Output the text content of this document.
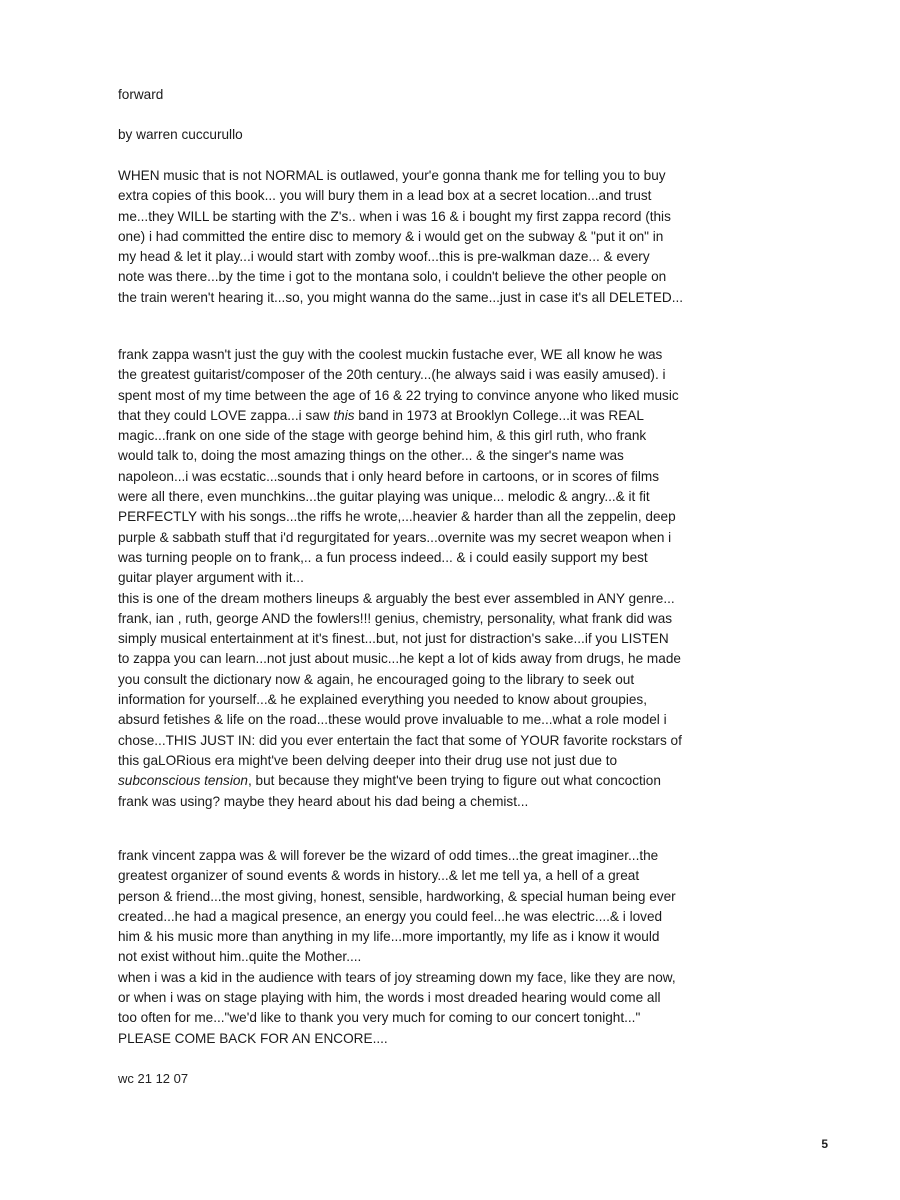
forward
by warren cuccurullo
WHEN music that is not NORMAL is outlawed, your'e gonna thank me for telling you to buy
extra copies of this book... you will bury them in a lead box at a secret location...and trust
me...they WILL be starting with the Z's.. when i was 16 & i bought my first zappa record (this
one) i had committed the entire disc to memory & i would get on the subway & "put it on" in
my head & let it play...i would start with zomby woof...this is pre-walkman daze... & every
note was there...by the time i got to the montana solo, i couldn't believe the other people on
the train weren't hearing it...so, you might wanna do the same...just in case it's all DELETED...
frank zappa wasn't just the guy with the coolest muckin fustache ever, WE all know he was
the greatest guitarist/composer of the 20th century...(he always said i was easily amused). i
spent most of my time between the age of 16 & 22 trying to convince anyone who liked music
that they could LOVE zappa...i saw this band in 1973 at Brooklyn College...it was REAL
magic...frank on one side of the stage with george behind him, & this girl ruth, who frank
would talk to, doing the most amazing things on the other... & the singer's name was
napoleon...i was ecstatic...sounds that i only heard before in cartoons, or in scores of films
were all there, even munchkins...the guitar playing was unique... melodic & angry...& it fit
PERFECTLY with his songs...the riffs he wrote,...heavier & harder than all the zeppelin, deep
purple & sabbath stuff that i'd regurgitated for years...overnite was my secret weapon when i
was turning people on to frank,.. a fun process indeed... & i could easily support my best
guitar player argument with it...
this is one of the dream mothers lineups & arguably the best ever assembled in ANY genre...
frank, ian , ruth, george AND the fowlers!!! genius, chemistry, personality, what frank did was
simply musical entertainment at it's finest...but, not just for distraction's sake...if you LISTEN
to zappa you can learn...not just about music...he kept a lot of kids away from drugs, he made
you consult the dictionary now & again, he encouraged going to the library to seek out
information for yourself...& he explained everything you needed to know about groupies,
absurd fetishes & life on the road...these would prove invaluable to me...what a role model i
chose...THIS JUST IN: did you ever entertain the fact that some of YOUR favorite rockstars of
this gaLORious era might've been delving deeper into their drug use not just due to
subconscious tension, but because they might've been trying to figure out what concoction
frank was using? maybe they heard about his dad being a chemist...
frank vincent zappa was & will forever be the wizard of odd times...the great imaginer...the
greatest organizer of sound events & words in history...& let me tell ya, a hell of a great
person & friend...the most giving, honest, sensible, hardworking, & special human being ever
created...he had a magical presence, an energy you could feel...he was electric....& i loved
him & his music more than anything in my life...more importantly, my life as i know it would
not exist without him..quite the Mother....
when i was a kid in the audience with tears of joy streaming down my face, like they are now,
or when i was on stage playing with him, the words i most dreaded hearing would come all
too often for me..."we'd like to thank you very much for coming to our concert tonight..."
PLEASE COME BACK FOR AN ENCORE....
wc 21 12 07
5
